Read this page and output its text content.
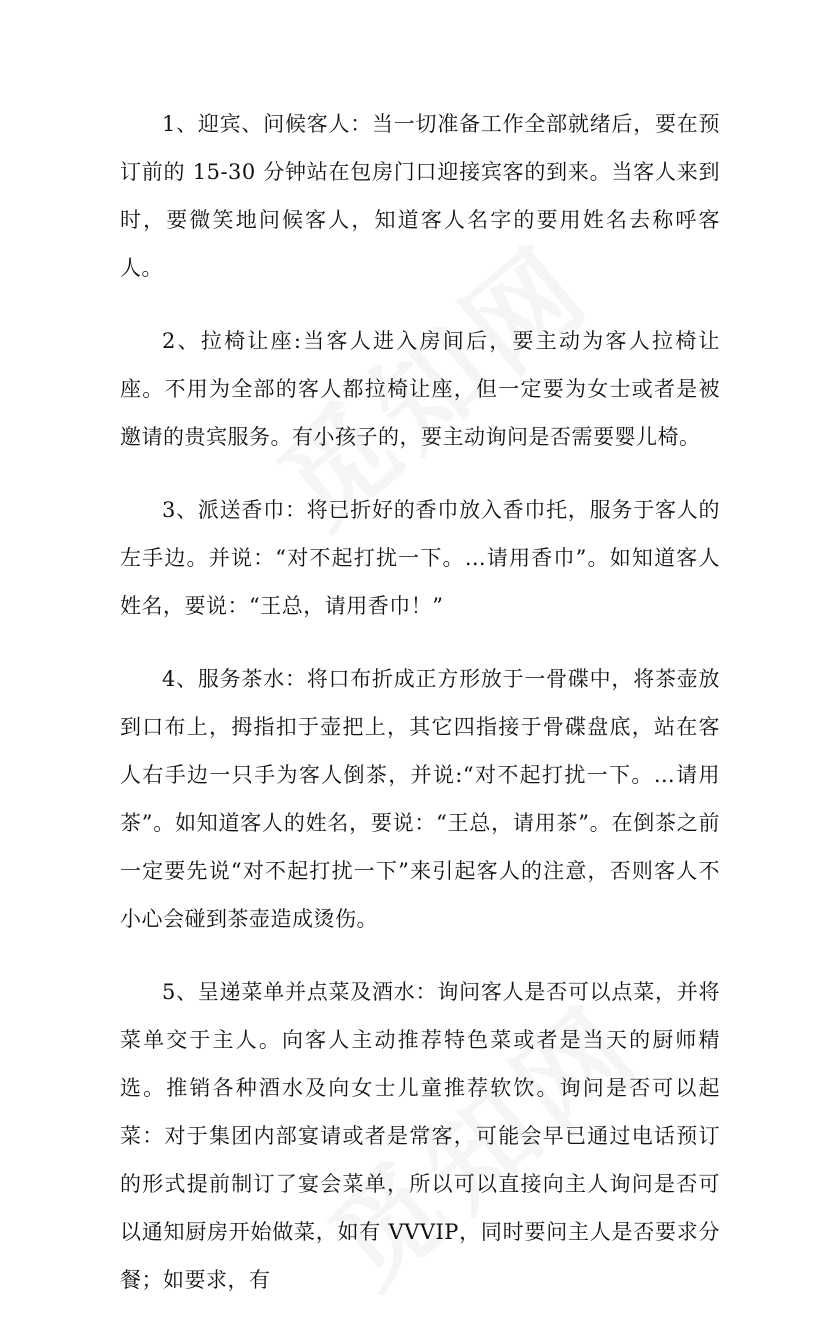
1、迎宾、问候客人：当一切准备工作全部就绪后，要在预订前的 15-30 分钟站在包房门口迎接宾客的到来。当客人来到时，要微笑地问候客人，知道客人名字的要用姓名去称呼客人。

2、拉椅让座:当客人进入房间后，要主动为客人拉椅让座。不用为全部的客人都拉椅让座，但一定要为女士或者是被邀请的贵宾服务。有小孩子的，要主动询问是否需要婴儿椅。

3、派送香巾：将已折好的香巾放入香巾托，服务于客人的左手边。并说：“对不起打扰一下。…请用香巾”。如知道客人姓名，要说：“王总，请用香巾！”

4、服务茶水：将口布折成正方形放于一骨碟中，将茶壶放到口布上，拇指扣于壶把上，其它四指接于骨碟盘底，站在客人右手边一只手为客人倒茶，并说:“对不起打扰一下。…请用茶”。如知道客人的姓名，要说：“王总，请用茶”。在倒茶之前一定要先说“对不起打扰一下”来引起客人的注意，否则客人不小心会碰到茶壶造成烫伤。

5、呈递菜单并点菜及酒水：询问客人是否可以点菜，并将菜单交于主人。向客人主动推荐特色菜或者是当天的厨师精选。推销各种酒水及向女士儿童推荐软饮。询问是否可以起菜：对于集团内部宴请或者是常客，可能会早已通过电话预订的形式提前制订了宴会菜单，所以可以直接向主人询问是否可以通知厨房开始做菜，如有 VVVIP，同时要问主人是否要求分餐；如要求，有
